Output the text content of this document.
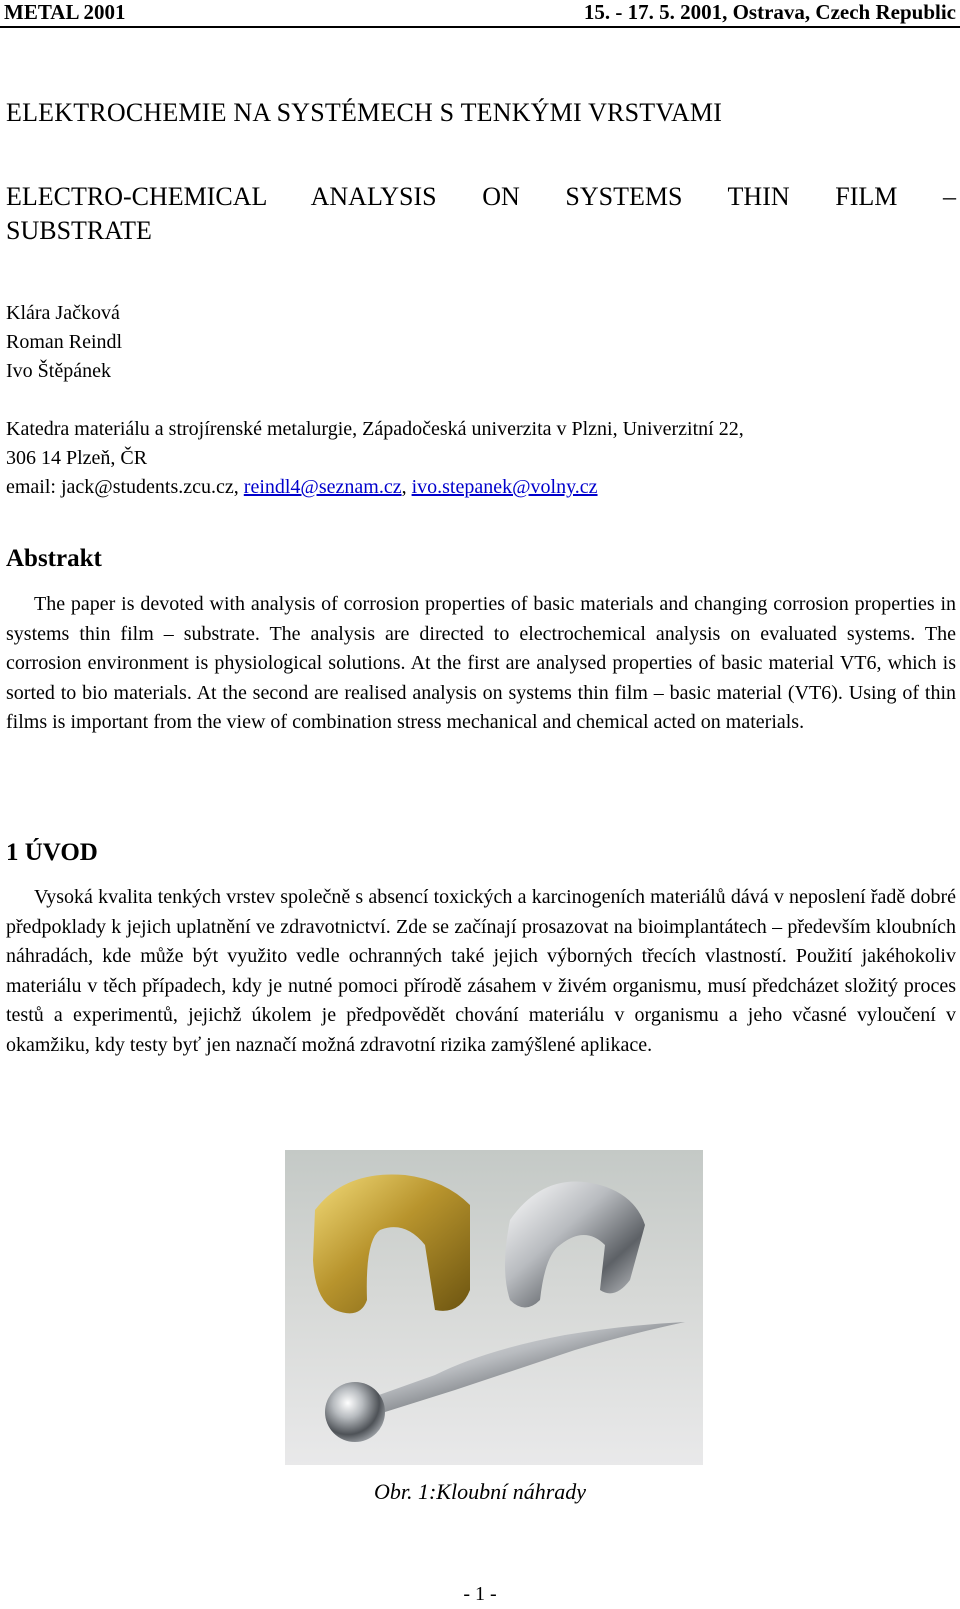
METAL 2001	15. - 17. 5. 2001, Ostrava, Czech Republic
ELEKTROCHEMIE NA SYSTÉMECH S TENKÝMI VRSTVAMI
ELECTRO-CHEMICAL ANALYSIS ON SYSTEMS THIN FILM –
SUBSTRATE
Klára Jačková
Roman Reindl
Ivo Štěpánek
Katedra materiálu a strojírenské metalurgie, Západočeská univerzita v Plzni, Univerzitní 22,
306 14 Plzeň, ČR
email: jack@students.zcu.cz, reindl4@seznam.cz, ivo.stepanek@volny.cz
Abstrakt
The paper is devoted with analysis of corrosion properties of basic materials and changing corrosion properties in systems thin film – substrate. The analysis are directed to electrochemical analysis on evaluated systems. The corrosion environment is physiological solutions. At the first are analysed properties of basic material VT6, which is sorted to bio materials. At the second are realised analysis on systems thin film – basic material (VT6). Using of thin films is important from the view of combination stress mechanical and chemical acted on materials.
1 ÚVOD
Vysoká kvalita tenkých vrstev společně s absencí toxických a karcinogeních materiálů dává v neposlení řadě dobré předpoklady k jejich uplatnění ve zdravotnictví. Zde se začínají prosazovat na bioimplantátech – především kloubních náhradách, kde může být využito vedle ochranných také jejich výborných třecích vlastností. Použití jakéhokoliv materiálu v těch případech, kdy je nutné pomoci přírodě zásahem v živém organismu, musí předcházet složitý proces testů a experimentů, jejichž úkolem je předpovědět chování materiálu v organismu a jeho včasné vyloučení v okamžiku, kdy testy byť jen naznačí možná zdravotní rizika zamýšlené aplikace.
Obr. 1:Kloubní náhrady
- 1 -
